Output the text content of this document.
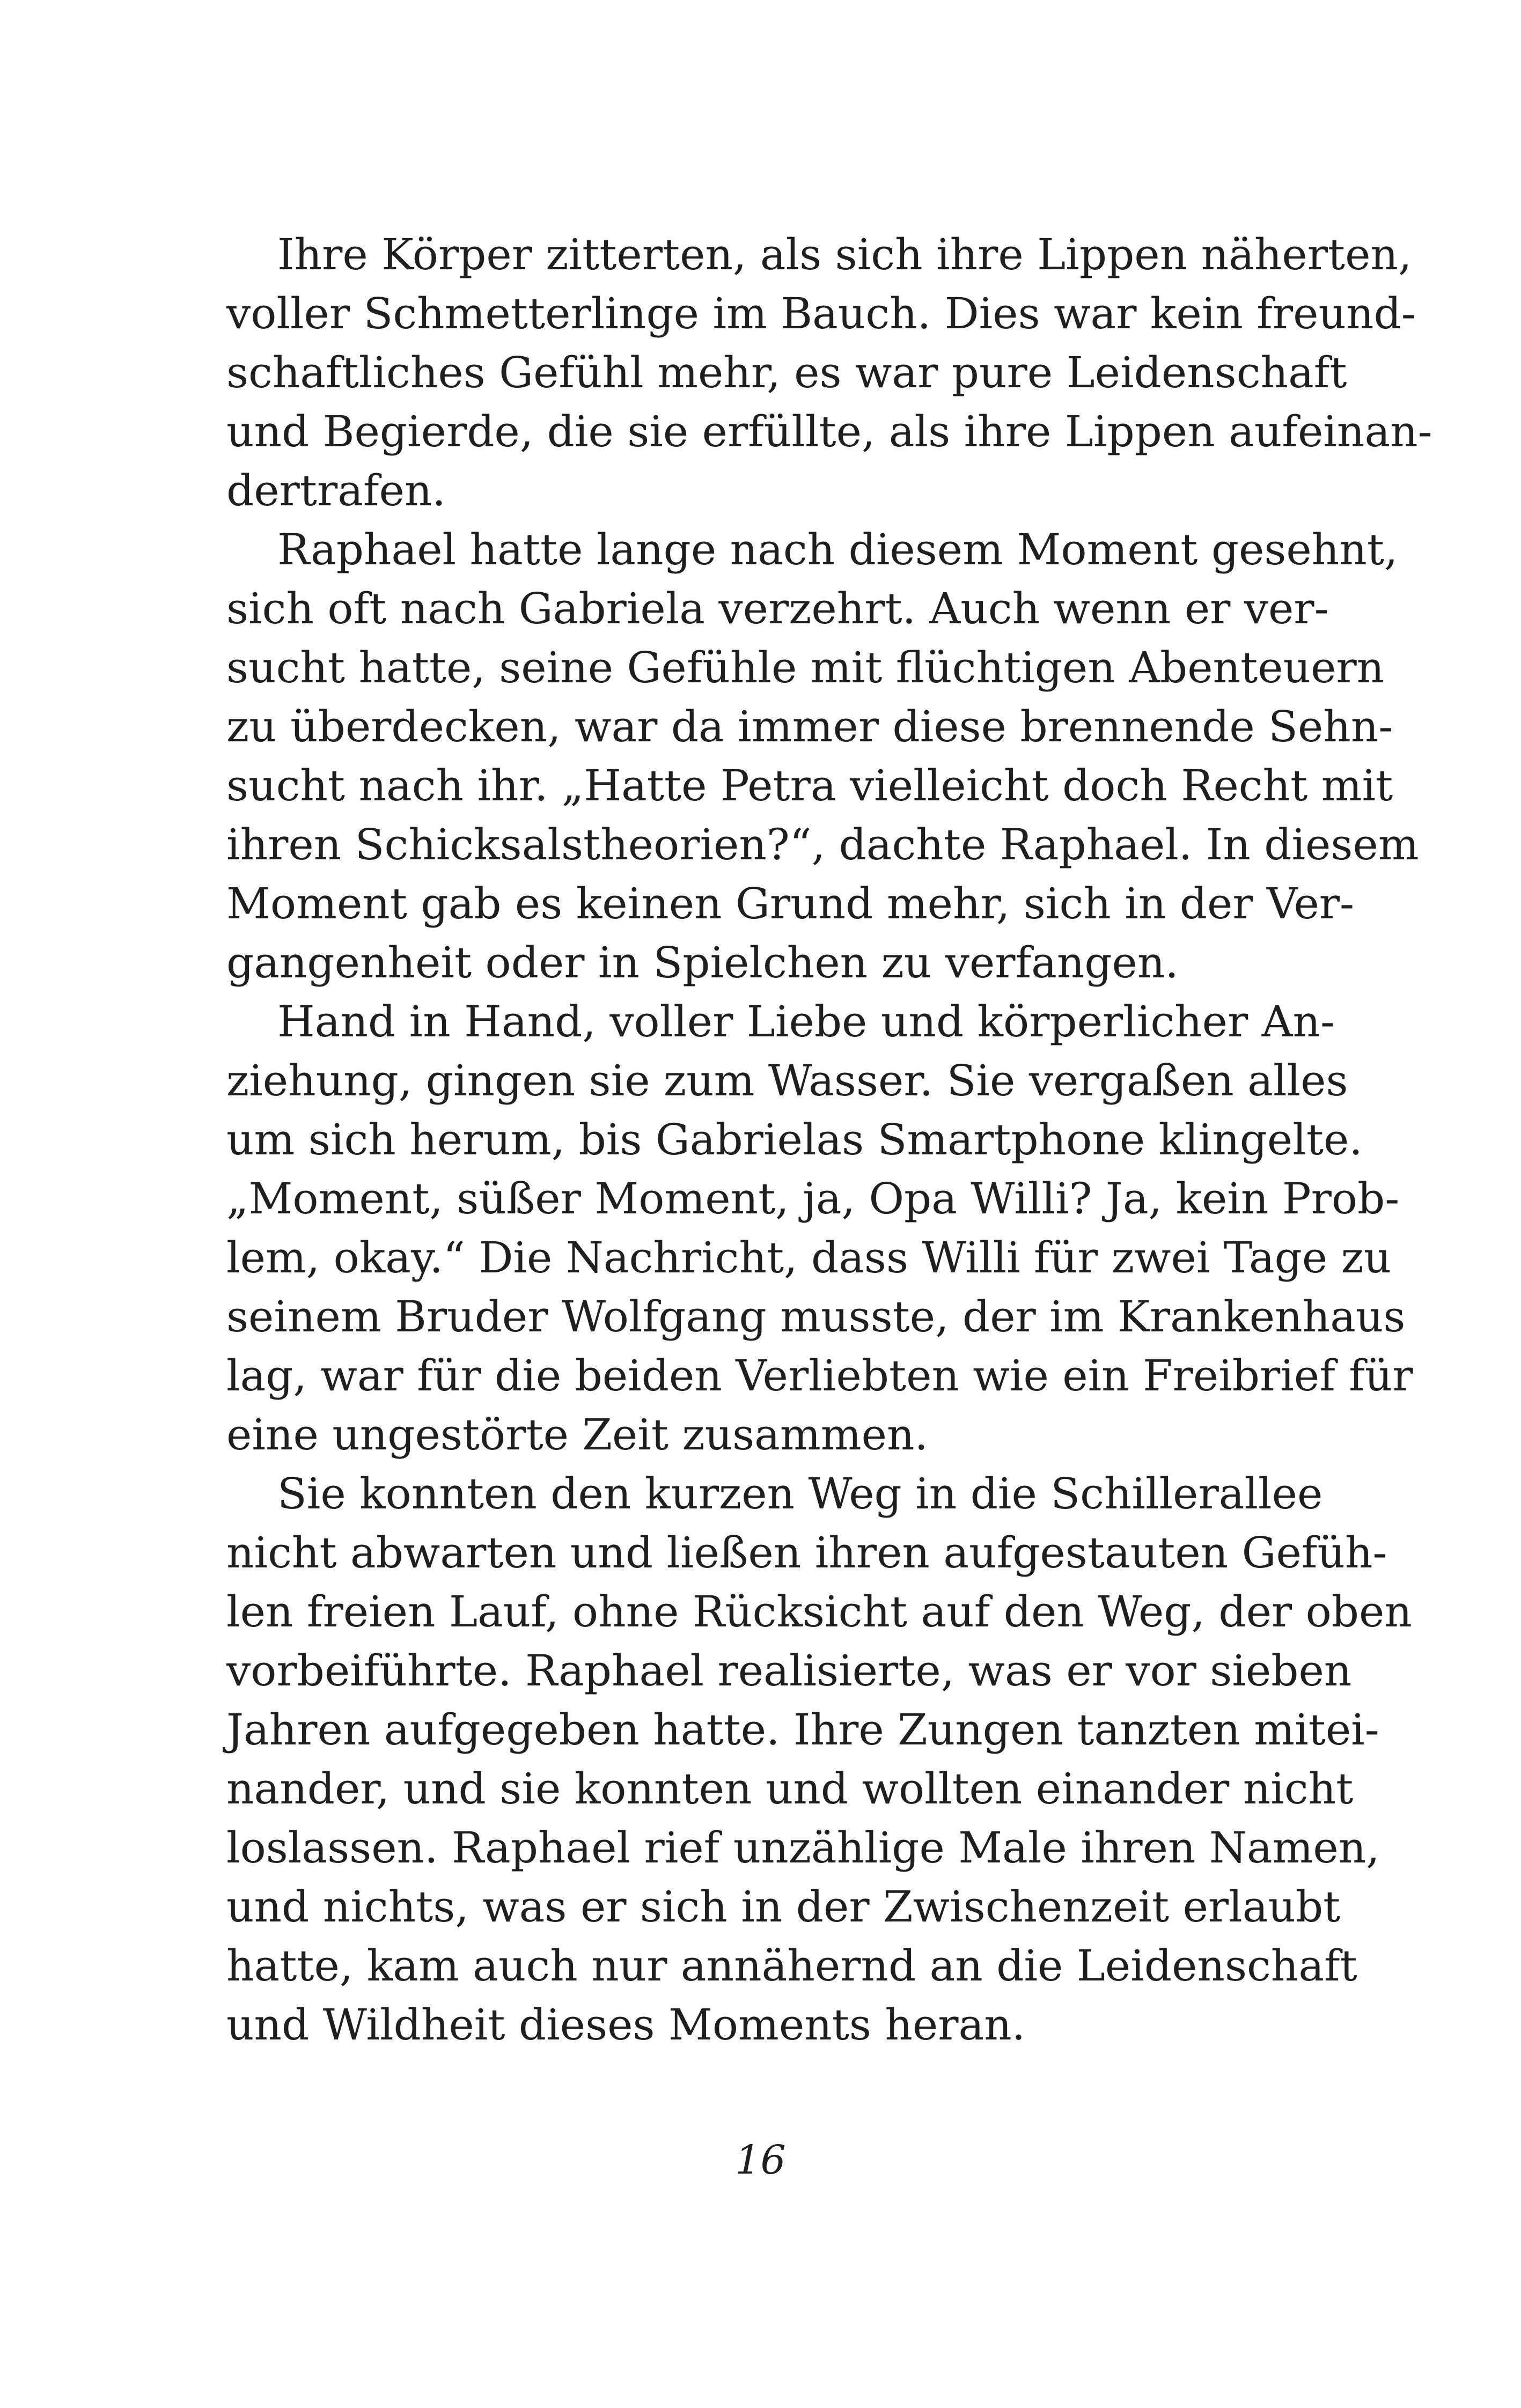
Ihre Körper zitterten, als sich ihre Lippen näherten,
voller Schmetterlinge im Bauch. Dies war kein freund-
schaftliches Gefühl mehr, es war pure Leidenschaft
und Begierde, die sie erfüllte, als ihre Lippen aufeinan-
dertrafen.
Raphael hatte lange nach diesem Moment gesehnt,
sich oft nach Gabriela verzehrt. Auch wenn er ver-
sucht hatte, seine Gefühle mit flüchtigen Abenteuern
zu überdecken, war da immer diese brennende Sehn-
sucht nach ihr. „Hatte Petra vielleicht doch Recht mit
ihren Schicksalstheorien?“, dachte Raphael. In diesem
Moment gab es keinen Grund mehr, sich in der Ver-
gangenheit oder in Spielchen zu verfangen.
Hand in Hand, voller Liebe und körperlicher An-
ziehung, gingen sie zum Wasser. Sie vergaßen alles
um sich herum, bis Gabrielas Smartphone klingelte.
„Moment, süßer Moment, ja, Opa Willi? Ja, kein Prob-
lem, okay.“ Die Nachricht, dass Willi für zwei Tage zu
seinem Bruder Wolfgang musste, der im Krankenhaus
lag, war für die beiden Verliebten wie ein Freibrief für
eine ungestörte Zeit zusammen.
Sie konnten den kurzen Weg in die Schillerallee
nicht abwarten und ließen ihren aufgestauten Gefüh-
len freien Lauf, ohne Rücksicht auf den Weg, der oben
vorbeiführte. Raphael realisierte, was er vor sieben
Jahren aufgegeben hatte. Ihre Zungen tanzten mitei-
nander, und sie konnten und wollten einander nicht
loslassen. Raphael rief unzählige Male ihren Namen,
und nichts, was er sich in der Zwischenzeit erlaubt
hatte, kam auch nur annähernd an die Leidenschaft
und Wildheit dieses Moments heran.
16
